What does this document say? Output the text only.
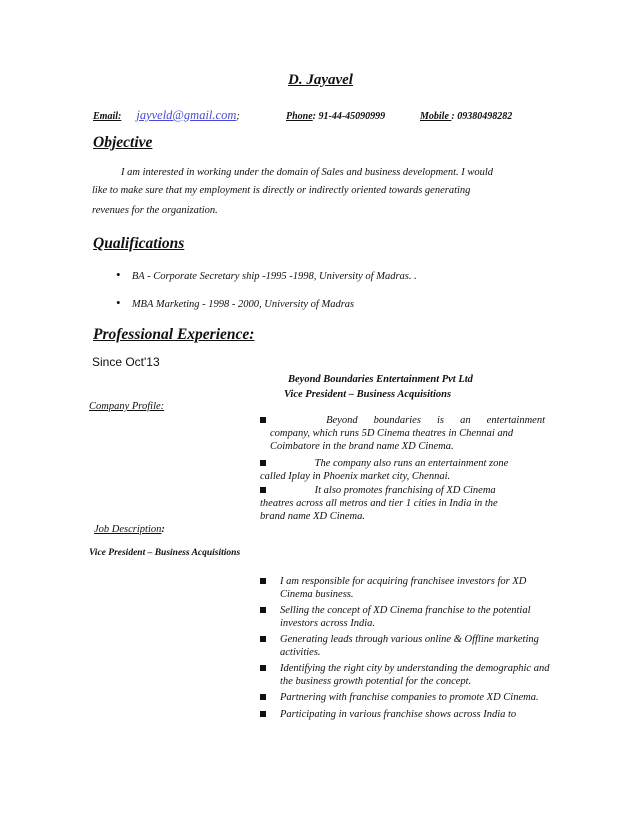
D. Jayavel
Email: jayveld@gmail.com;	Phone: 91-44-45090999	Mobile : 09380498282
Objective
I am interested in working under the domain of Sales and business development. I would
like to make sure that my employment is directly or indirectly oriented towards generating
revenues for the organization.
Qualifications
• BA - Corporate Secretary ship -1995 -1998, University of Madras. .
• MBA Marketing - 1998 - 2000, University of Madras
Professional Experience:
Since Oct'13
Beyond Boundaries Entertainment Pvt Ltd
Vice President – Business Acquisitions
Company Profile:
Beyond boundaries is an entertainment
company, which runs 5D Cinema theatres in Chennai and
Coimbatore in the brand name XD Cinema.
The company also runs an entertainment zone
called Iplay in Phoenix market city, Chennai.
It also promotes franchising of XD Cinema
theatres across all metros and tier 1 cities in India in the
brand name XD Cinema.
Job Description:
Vice President – Business Acquisitions
I am responsible for acquiring franchisee investors for XD Cinema business.
Selling the concept of XD Cinema franchise to the potential investors across India.
Generating leads through various online & Offline marketing activities.
Identifying the right city by understanding the demographic and the business growth potential for the concept.
Partnering with franchise companies to promote XD Cinema.
Participating in various franchise shows across India to
